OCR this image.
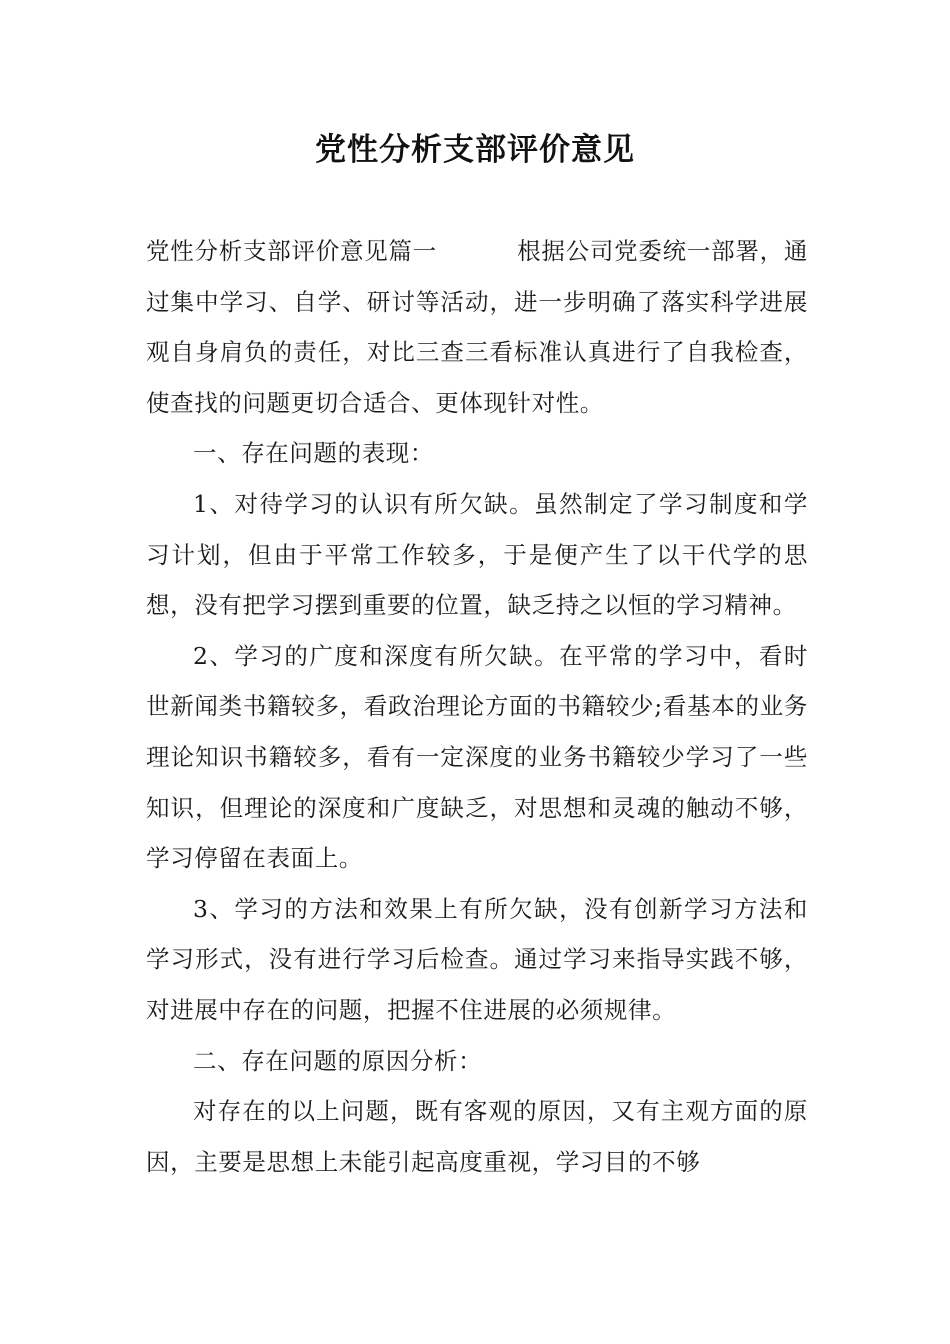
党性分析支部评价意见

党性分析支部评价意见篇一	根据公司党委统一部署，通过集中学习、自学、研讨等活动，进一步明确了落实科学进展观自身肩负的责任，对比三查三看标准认真进行了自我检查，使查找的问题更切合适合、更体现针对性。

一、存在问题的表现：

1、对待学习的认识有所欠缺。虽然制定了学习制度和学习计划，但由于平常工作较多，于是便产生了以干代学的思想，没有把学习摆到重要的位置，缺乏持之以恒的学习精神。

2、学习的广度和深度有所欠缺。在平常的学习中，看时世新闻类书籍较多，看政治理论方面的书籍较少;看基本的业务理论知识书籍较多，看有一定深度的业务书籍较少学习了一些知识，但理论的深度和广度缺乏，对思想和灵魂的触动不够，学习停留在表面上。

3、学习的方法和效果上有所欠缺，没有创新学习方法和学习形式，没有进行学习后检查。通过学习来指导实践不够，对进展中存在的问题，把握不住进展的必须规律。

二、存在问题的原因分析：

对存在的以上问题，既有客观的原因，又有主观方面的原因，主要是思想上未能引起高度重视，学习目的不够
